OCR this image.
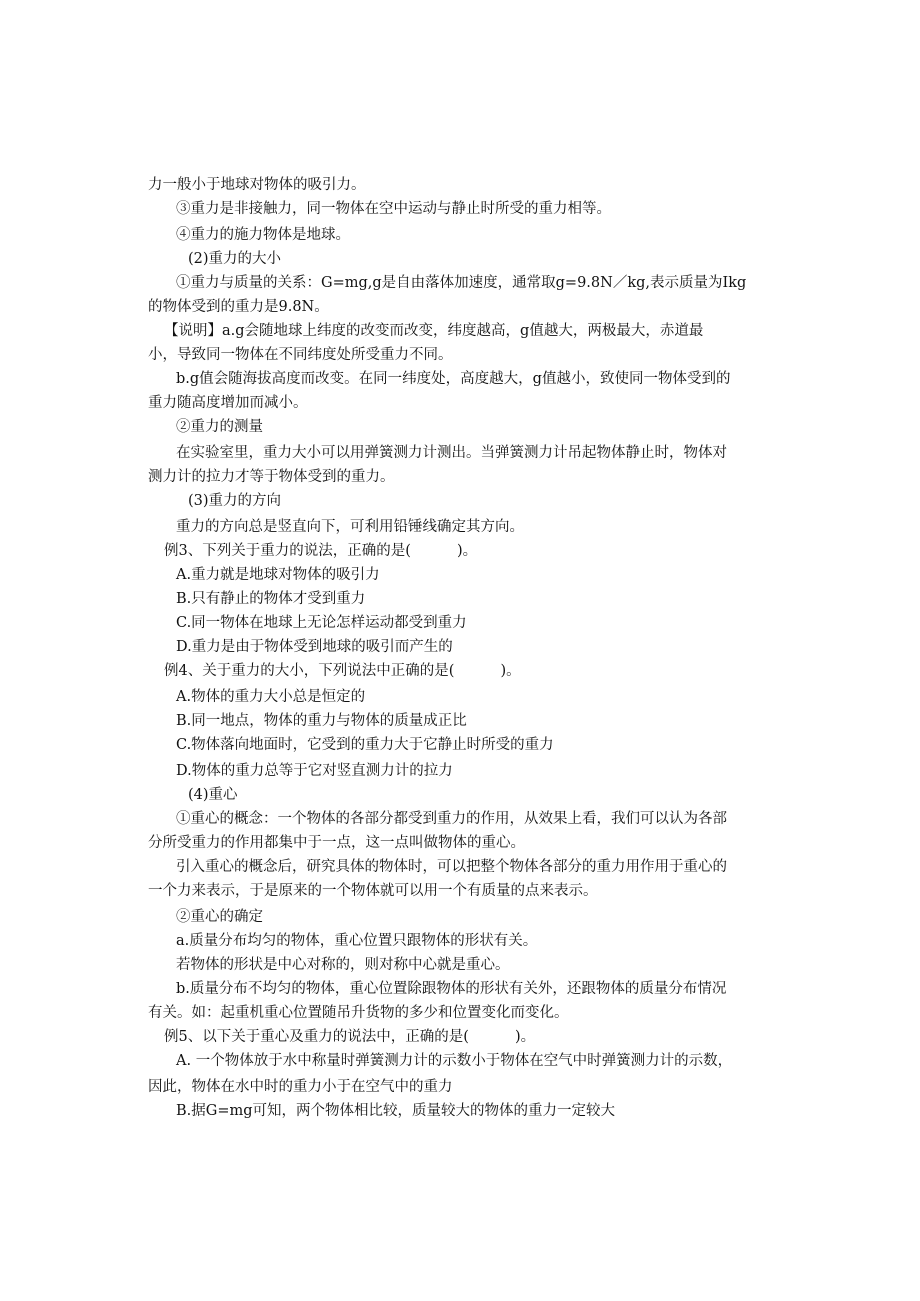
力一般小于地球对物体的吸引力。
③重力是非接触力，同一物体在空中运动与静止时所受的重力相等。
④重力的施力物体是地球。
(2)重力的大小
①重力与质量的关系：G=mg,g是自由落体加速度，通常取g=9.8N／kg,表示质量为Ikg
的物体受到的重力是9.8N。
【说明】a.g会随地球上纬度的改变而改变，纬度越高，g值越大，两极最大，赤道最
小，导致同一物体在不同纬度处所受重力不同。
b.g值会随海拔高度而改变。在同一纬度处，高度越大，g值越小，致使同一物体受到的
重力随高度增加而减小。
②重力的测量
在实验室里，重力大小可以用弹簧测力计测出。当弹簧测力计吊起物体静止时，物体对
测力计的拉力才等于物体受到的重力。
(3)重力的方向
重力的方向总是竖直向下，可利用铅锤线确定其方向。
例3、下列关于重力的说法，正确的是(          )。
A.重力就是地球对物体的吸引力
B.只有静止的物体才受到重力
C.同一物体在地球上无论怎样运动都受到重力
D.重力是由于物体受到地球的吸引而产生的
例4、关于重力的大小，下列说法中正确的是(          )。
A.物体的重力大小总是恒定的
B.同一地点，物体的重力与物体的质量成正比
C.物体落向地面时，它受到的重力大于它静止时所受的重力
D.物体的重力总等于它对竖直测力计的拉力
(4)重心
①重心的概念：一个物体的各部分都受到重力的作用，从效果上看，我们可以认为各部
分所受重力的作用都集中于一点，这一点叫做物体的重心。
引入重心的概念后，研究具体的物体时，可以把整个物体各部分的重力用作用于重心的
一个力来表示，于是原来的一个物体就可以用一个有质量的点来表示。
②重心的确定
a.质量分布均匀的物体，重心位置只跟物体的形状有关。
若物体的形状是中心对称的，则对称中心就是重心。
b.质量分布不均匀的物体，重心位置除跟物体的形状有关外，还跟物体的质量分布情况
有关。如：起重机重心位置随吊升货物的多少和位置变化而变化。
例5、以下关于重心及重力的说法中，正确的是(          )。
A. 一个物体放于水中称量时弹簧测力计的示数小于物体在空气中时弹簧测力计的示数，
因此，物体在水中时的重力小于在空气中的重力
B.据G=mg可知，两个物体相比较，质量较大的物体的重力一定较大
